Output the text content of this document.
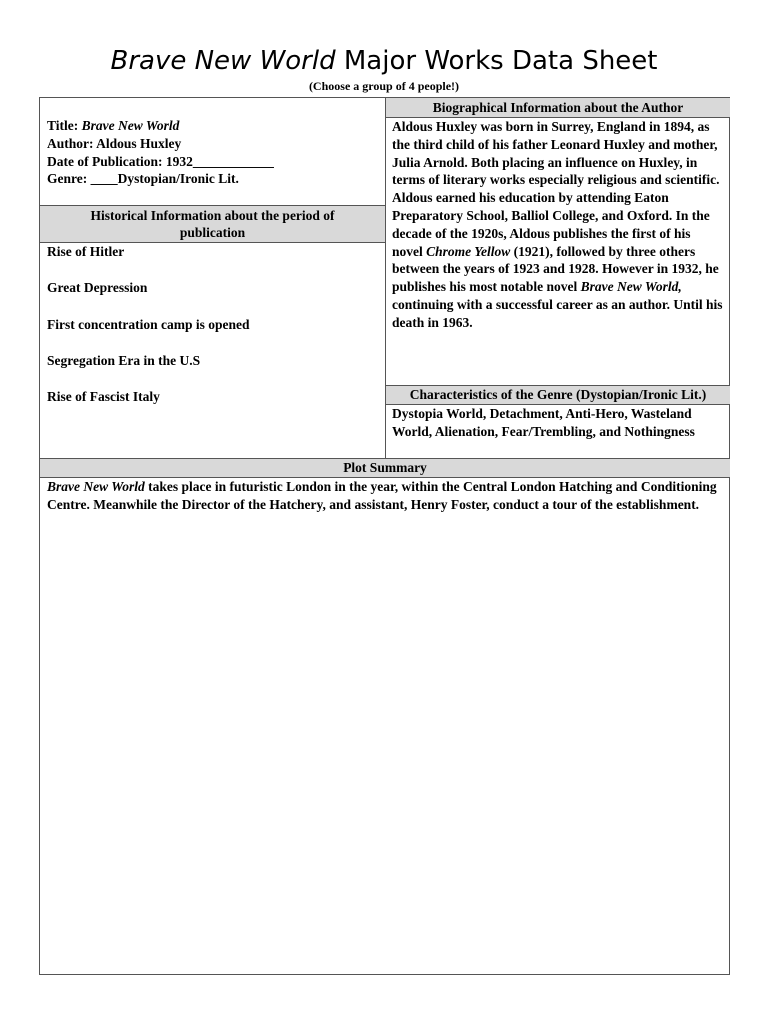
Brave New World Major Works Data Sheet
(Choose a group of 4 people!)
Biographical Information about the Author

Title: Brave New World

Author: Aldous Huxley

Date of Publication: 1932____________

Genre: ____Dystopian/Ironic Lit.

Historical Information about the period of publication

Rise of Hitler

Great Depression

First concentration camp is opened

Segregation Era in the U.S

Rise of Fascist Italy

Aldous Huxley was born in Surrey, England in 1894, as the third child of his father Leonard Huxley and mother, Julia Arnold. Both placing an influence on Huxley, in terms of literary works especially religious and scientific. Aldous earned his education by attending Eaton Preparatory School, Balliol College, and Oxford. In the decade of the 1920s, Aldous publishes the first of his novel Chrome Yellow (1921), followed by three others between the years of 1923 and 1928. However in 1932, he publishes his most notable novel Brave New World, continuing with a successful career as an author. Until his death in 1963.
Characteristics of the Genre (Dystopian/Ironic Lit.)
Dystopia World, Detachment, Anti-Hero, Wasteland World, Alienation, Fear/Trembling, and Nothingness
Plot Summary
Brave New World takes place in futuristic London in the year, within the Central London Hatching and Conditioning Centre. Meanwhile the Director of the Hatchery, and assistant, Henry Foster, conduct a tour of the establishment.
